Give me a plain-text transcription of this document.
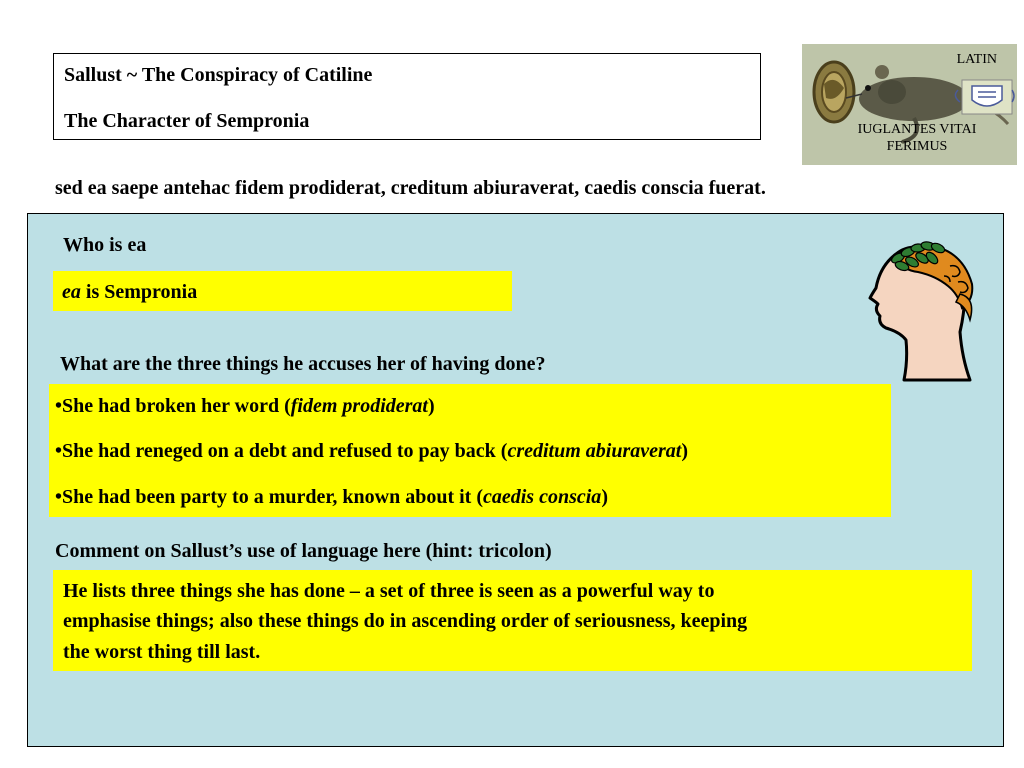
Sallust ~ The Conspiracy of Catiline
The Character of Sempronia
LATIN
IUGLANTES VITAI FERIMUS
sed ea saepe antehac fidem prodiderat, creditum abiuraverat, caedis conscia fuerat.
Who is ea

ea is Sempronia

What are the three things he accuses her of having done?

•She had broken her word (fidem prodiderat)

•She had reneged on a debt and refused to pay back (creditum abiuraverat)

•She had been party to a murder, known about it (caedis conscia)

Comment on Sallust’s use of language here (hint: tricolon)

He lists three things she has done – a set of three is seen as a powerful way to

emphasise things; also these things do in ascending order of seriousness, keeping

the worst thing till last.
